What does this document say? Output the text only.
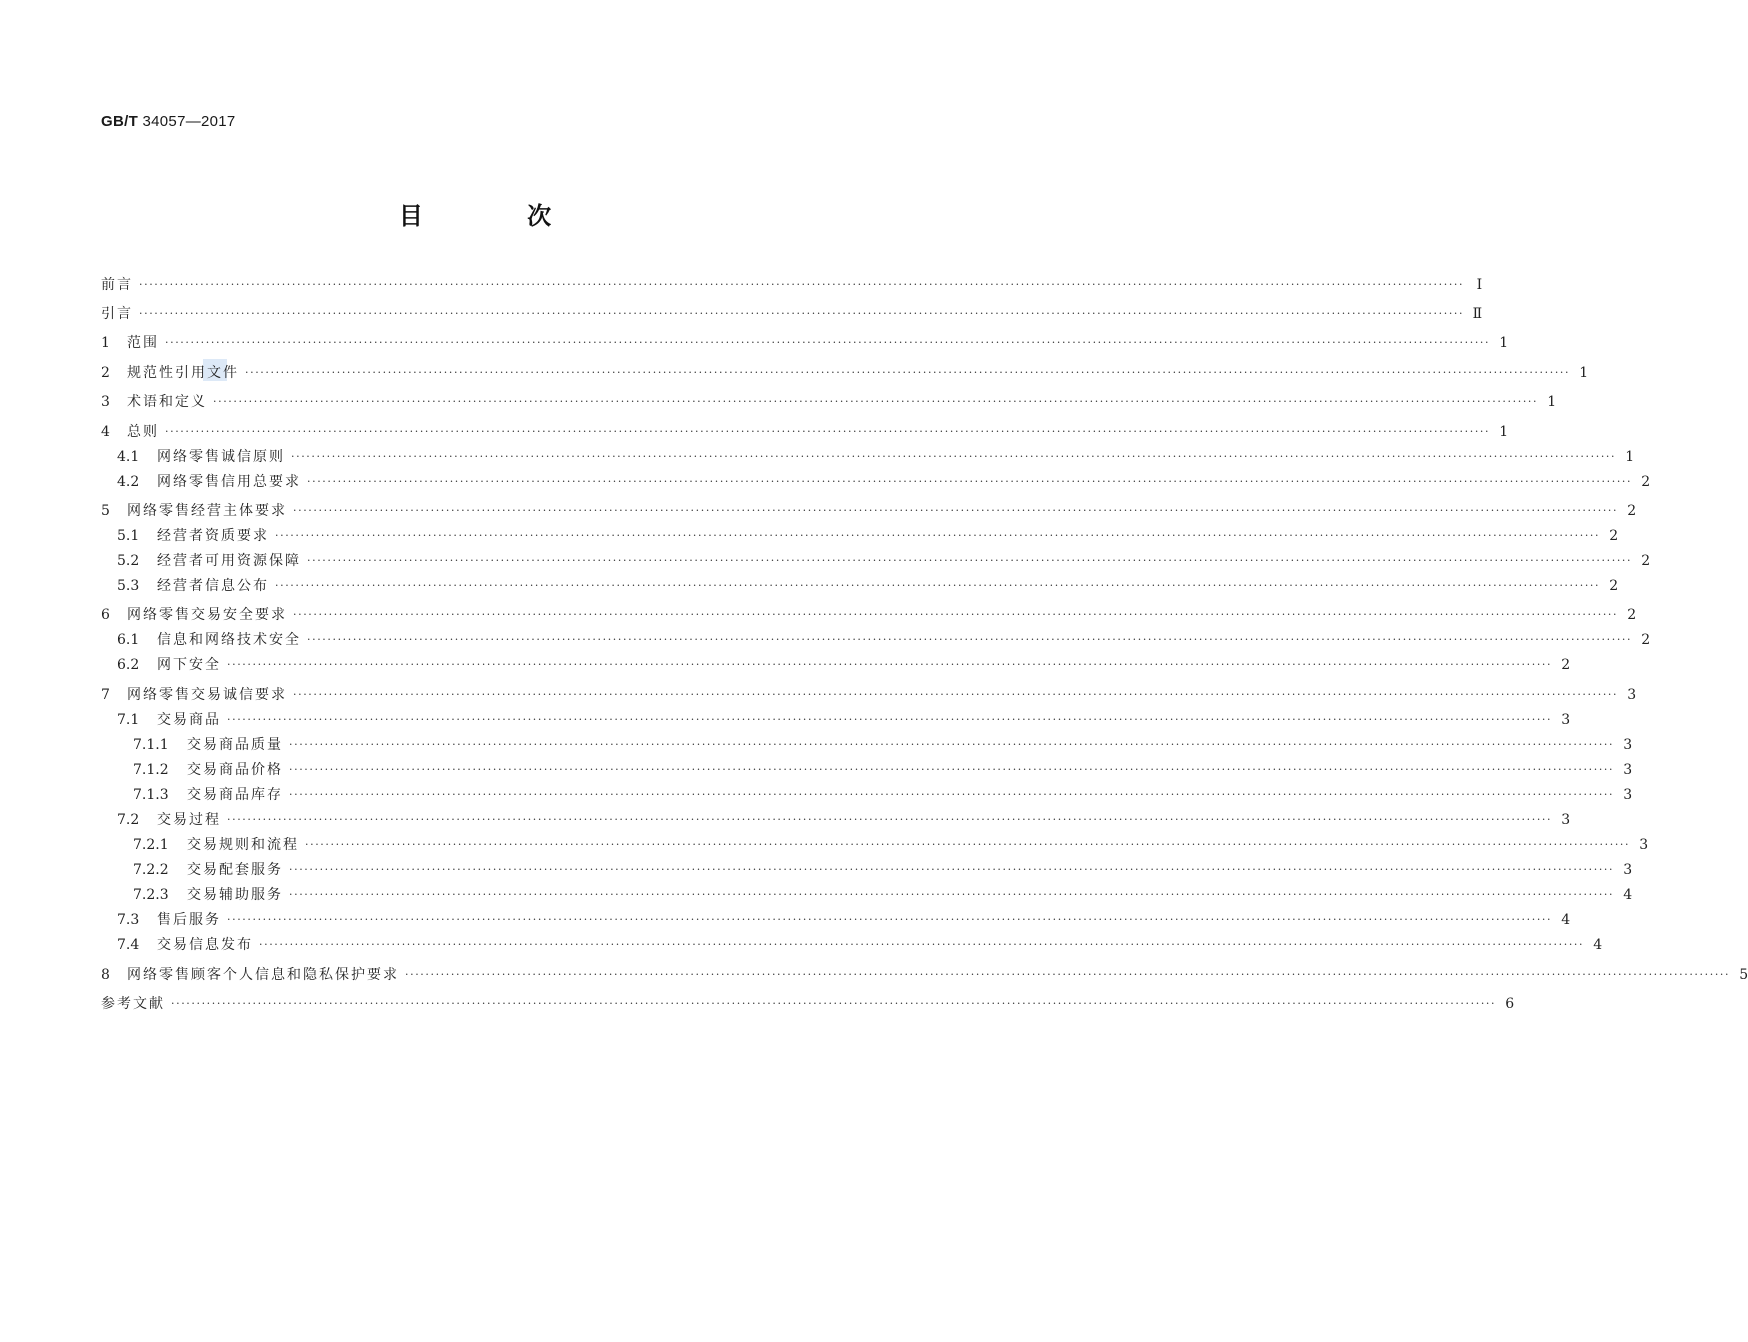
GB/T 34057—2017
目 次
前言 ···································································································································································································································································· Ⅰ
引言 ···································································································································································································································································· Ⅱ
1	范围 ···································································································································································································································································· 1
2	规范性引用文件 ···································································································································································································································································· 1
3	术语和定义 ···································································································································································································································································· 1
4	总则 ···································································································································································································································································· 1
4.1	网络零售诚信原则 ···································································································································································································································································· 1
4.2	网络零售信用总要求 ···································································································································································································································································· 2
5	网络零售经营主体要求 ···································································································································································································································································· 2
5.1	经营者资质要求 ···································································································································································································································································· 2
5.2	经营者可用资源保障 ···································································································································································································································································· 2
5.3	经营者信息公布 ···································································································································································································································································· 2
6	网络零售交易安全要求 ···································································································································································································································································· 2
6.1	信息和网络技术安全 ···································································································································································································································································· 2
6.2	网下安全 ···································································································································································································································································· 2
7	网络零售交易诚信要求 ···································································································································································································································································· 3
7.1	交易商品 ···································································································································································································································································· 3
7.1.1	交易商品质量 ···································································································································································································································································· 3
7.1.2	交易商品价格 ···································································································································································································································································· 3
7.1.3	交易商品库存 ···································································································································································································································································· 3
7.2	交易过程 ···································································································································································································································································· 3
7.2.1	交易规则和流程 ···································································································································································································································································· 3
7.2.2	交易配套服务 ···································································································································································································································································· 3
7.2.3	交易辅助服务 ···································································································································································································································································· 4
7.3	售后服务 ···································································································································································································································································· 4
7.4	交易信息发布 ···································································································································································································································································· 4
8	网络零售顾客个人信息和隐私保护要求 ···································································································································································································································································· 5
参考文献 ···································································································································································································································································· 6
